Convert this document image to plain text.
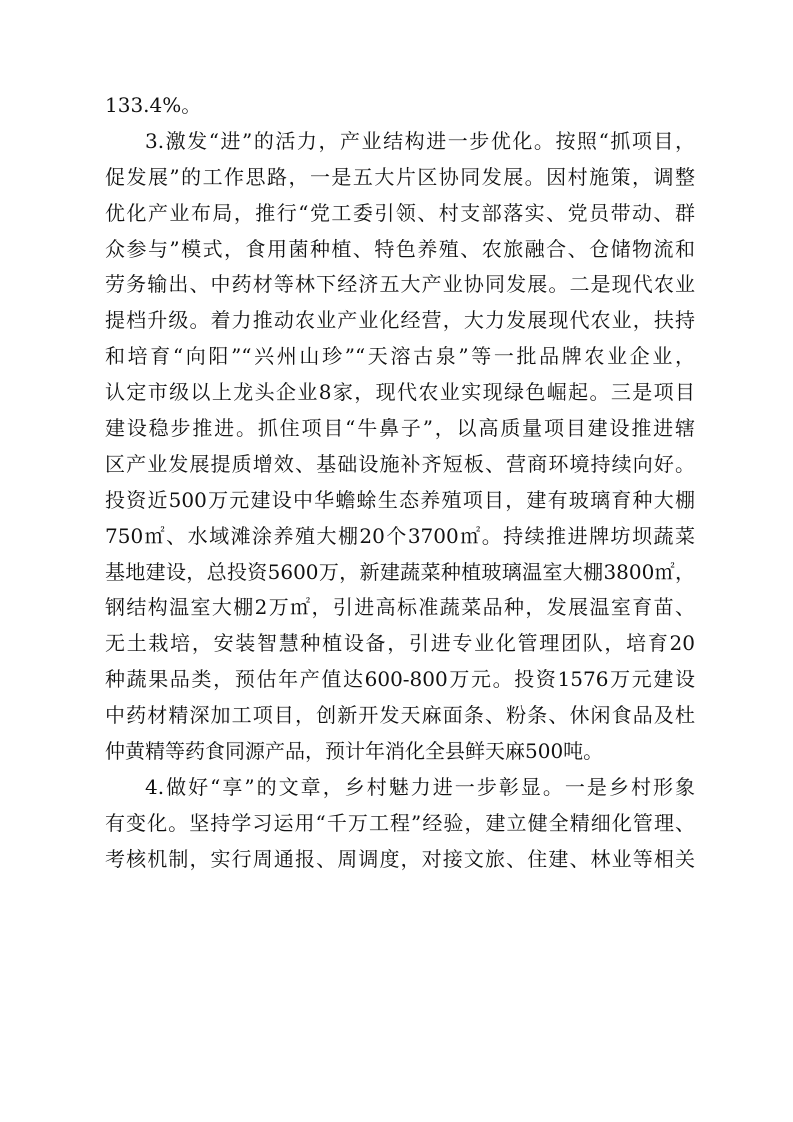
133.4%。
3.激发“进”的活力，产业结构进一步优化。按照“抓项目，
促发展”的工作思路，一是五大片区协同发展。因村施策，调整
优化产业布局，推行“党工委引领、村支部落实、党员带动、群
众参与”模式，食用菌种植、特色养殖、农旅融合、仓储物流和
劳务输出、中药材等林下经济五大产业协同发展。二是现代农业
提档升级。着力推动农业产业化经营，大力发展现代农业，扶持
和培育“向阳”“兴州山珍”“天溶古泉”等一批品牌农业企业，
认定市级以上龙头企业8家，现代农业实现绿色崛起。三是项目
建设稳步推进。抓住项目“牛鼻子”，以高质量项目建设推进辖
区产业发展提质增效、基础设施补齐短板、营商环境持续向好。
投资近500万元建设中华蟾蜍生态养殖项目，建有玻璃育种大棚
750㎡、水域滩涂养殖大棚20个3700㎡。持续推进牌坊坝蔬菜
基地建设，总投资5600万，新建蔬菜种植玻璃温室大棚3800㎡，
钢结构温室大棚2万㎡，引进高标准蔬菜品种，发展温室育苗、
无土栽培，安装智慧种植设备，引进专业化管理团队，培育20
种蔬果品类，预估年产值达600-800万元。投资1576万元建设
中药材精深加工项目，创新开发天麻面条、粉条、休闲食品及杜
仲黄精等药食同源产品，预计年消化全县鲜天麻500吨。
4.做好“享”的文章，乡村魅力进一步彰显。一是乡村形象
有变化。坚持学习运用“千万工程”经验，建立健全精细化管理、
考核机制，实行周通报、周调度，对接文旅、住建、林业等相关
